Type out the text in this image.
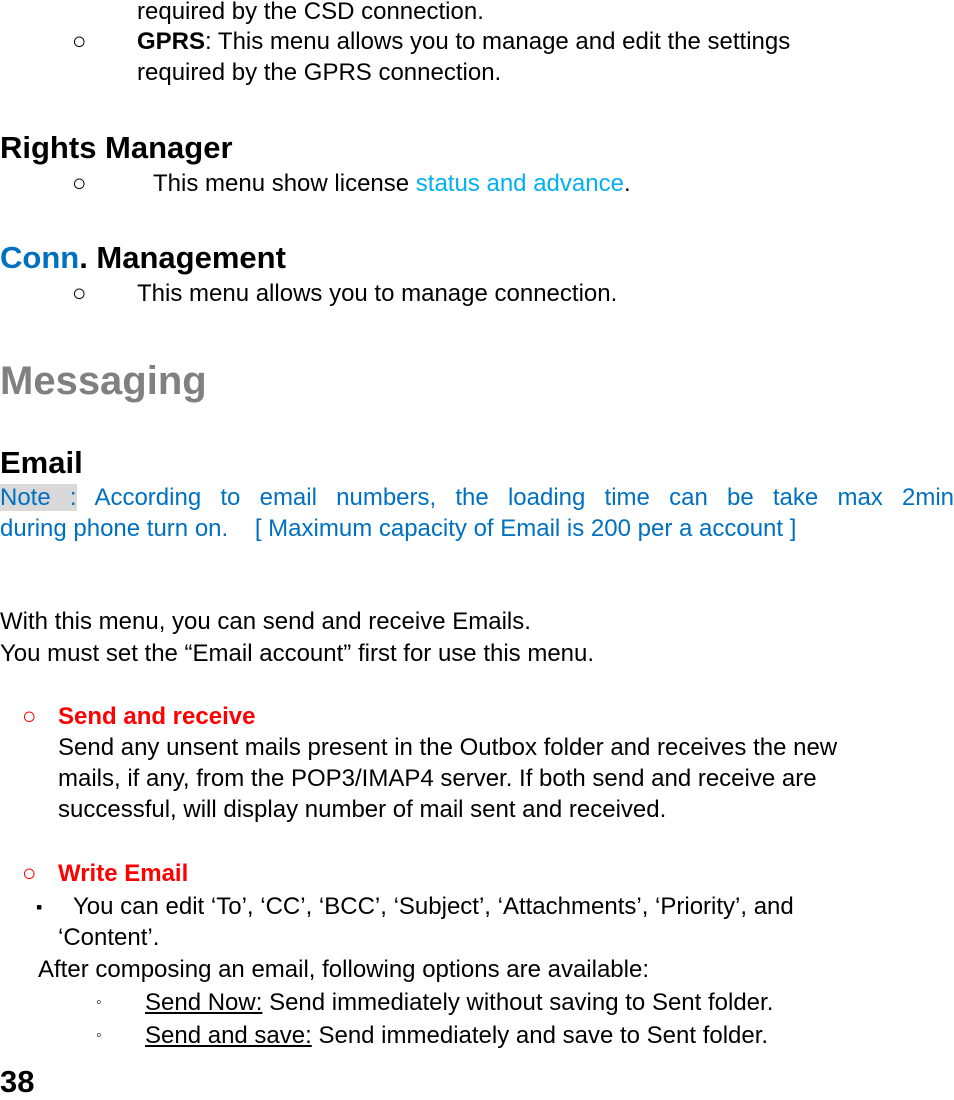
required by the CSD connection.
○ GPRS: This menu allows you to manage and edit the settings
required by the GPRS connection.
Rights Manager
○	This menu show license status and advance.
Conn. Management
○ This menu allows you to manage connection.
Messaging
Email
Note : According to email numbers, the loading time can be take max 2min
during phone turn on.    [ Maximum capacity of Email is 200 per a account ]
With this menu, you can send and receive Emails.
You must set the “Email account” first for use this menu.
○ Send and receive
Send any unsent mails present in the Outbox folder and receives the new
mails, if any, from the POP3/IMAP4 server. If both send and receive are
successful, will display number of mail sent and received.
○ Write Email
▪ You can edit ‘To’, ‘CC’, ‘BCC’, ‘Subject’, ‘Attachments’, ‘Priority’, and
‘Content’.
After composing an email, following options are available:
◦ Send Now: Send immediately without saving to Sent folder.
◦ Send and save: Send immediately and save to Sent folder.
38
